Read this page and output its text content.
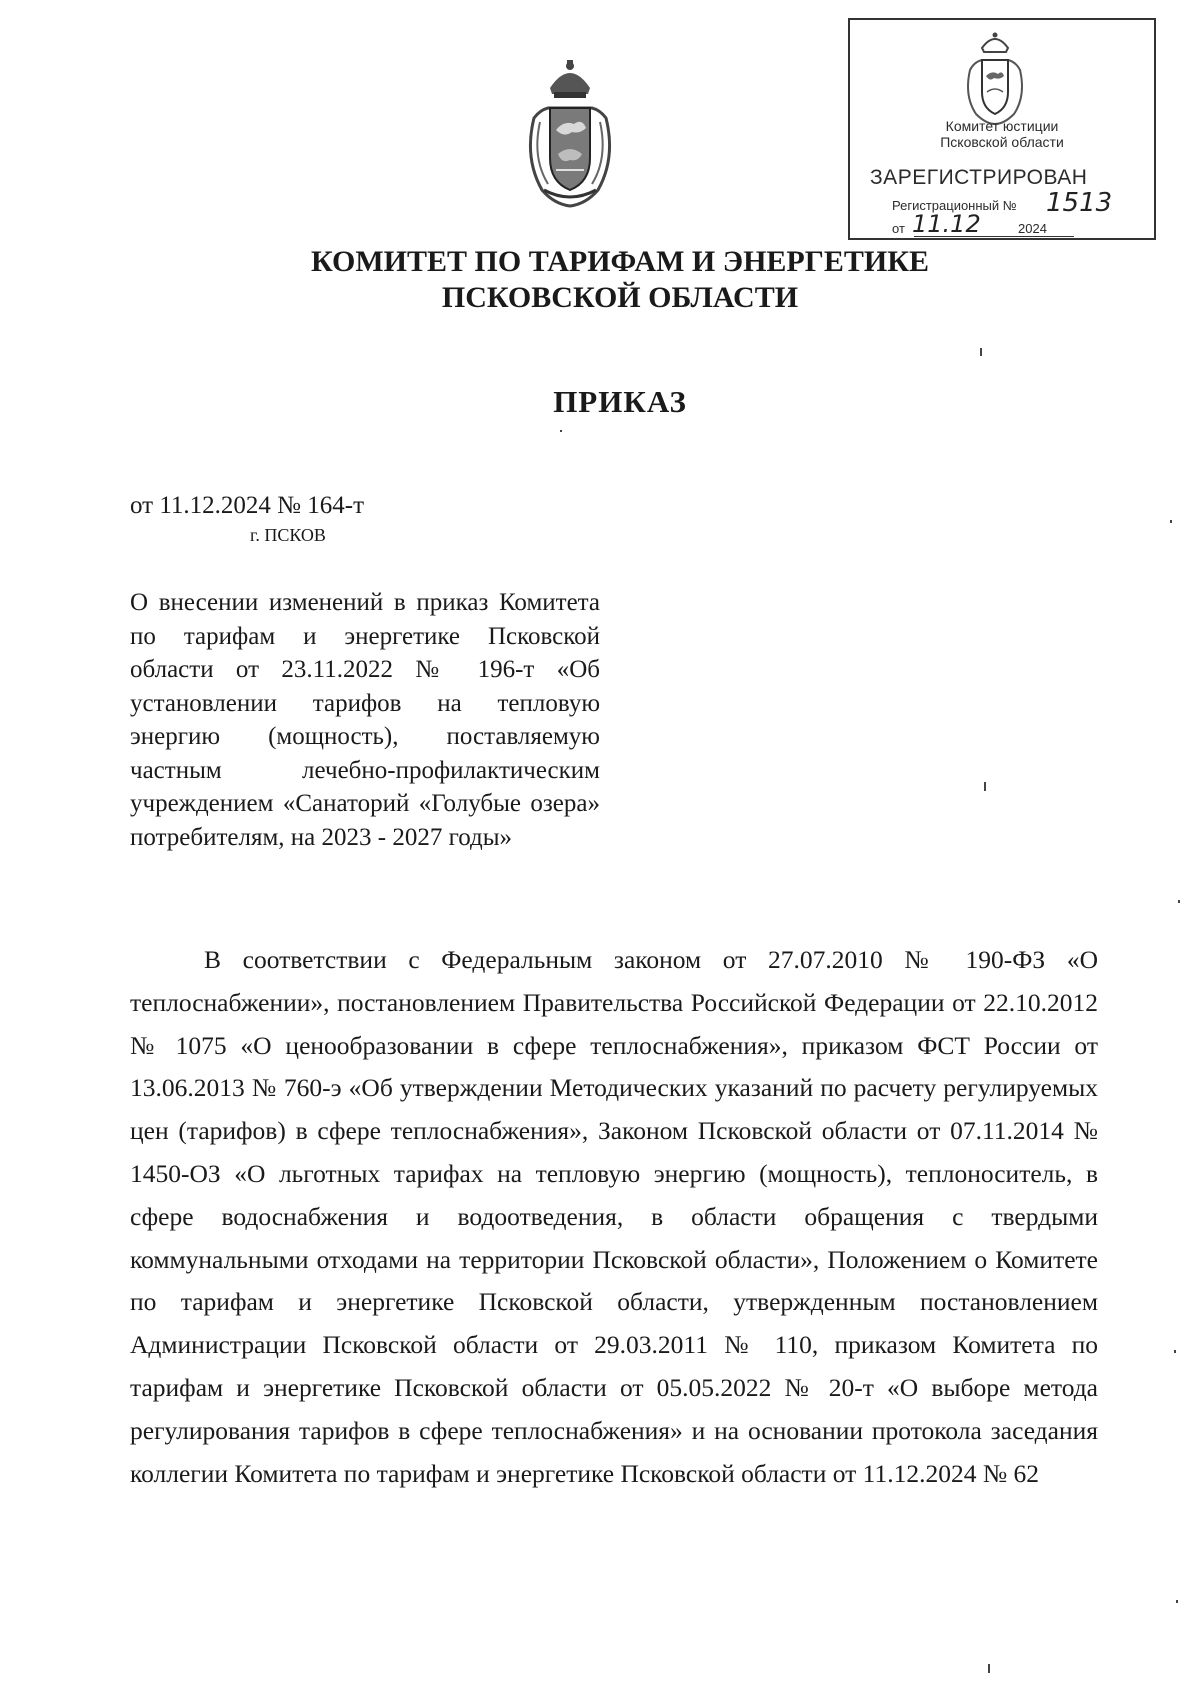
Комитет юстиции
Псковской области
ЗАРЕГИСТРИРОВАН
Регистрационный № 1513
от 11.12	2024
КОМИТЕТ ПО ТАРИФАМ И ЭНЕРГЕТИКЕ
ПСКОВСКОЙ ОБЛАСТИ
ПРИКАЗ
от 11.12.2024 № 164-т
г. ПСКОВ
О внесении изменений в приказ Комитета по тарифам и энергетике Псковской области от 23.11.2022 № 196-т «Об установлении тарифов на тепловую энергию (мощность), поставляемую частным лечебно-профилактическим учреждением «Санаторий «Голубые озера» потребителям, на 2023 - 2027 годы»
В соответствии с Федеральным законом от 27.07.2010 № 190-ФЗ «О теплоснабжении», постановлением Правительства Российской Федерации от 22.10.2012 № 1075 «О ценообразовании в сфере теплоснабжения», приказом ФСТ России от 13.06.2013 № 760-э «Об утверждении Методических указаний по расчету регулируемых цен (тарифов) в сфере теплоснабжения», Законом Псковской области от 07.11.2014 № 1450-ОЗ «О льготных тарифах на тепловую энергию (мощность), теплоноситель, в сфере водоснабжения и водоотведения, в области обращения с твердыми коммунальными отходами на территории Псковской области», Положением о Комитете по тарифам и энергетике Псковской области, утвержденным постановлением Администрации Псковской области от 29.03.2011 № 110, приказом Комитета по тарифам и энергетике Псковской области от 05.05.2022 № 20-т «О выборе метода регулирования тарифов в сфере теплоснабжения» и на основании протокола заседания коллегии Комитета по тарифам и энергетике Псковской области от 11.12.2024 № 62
